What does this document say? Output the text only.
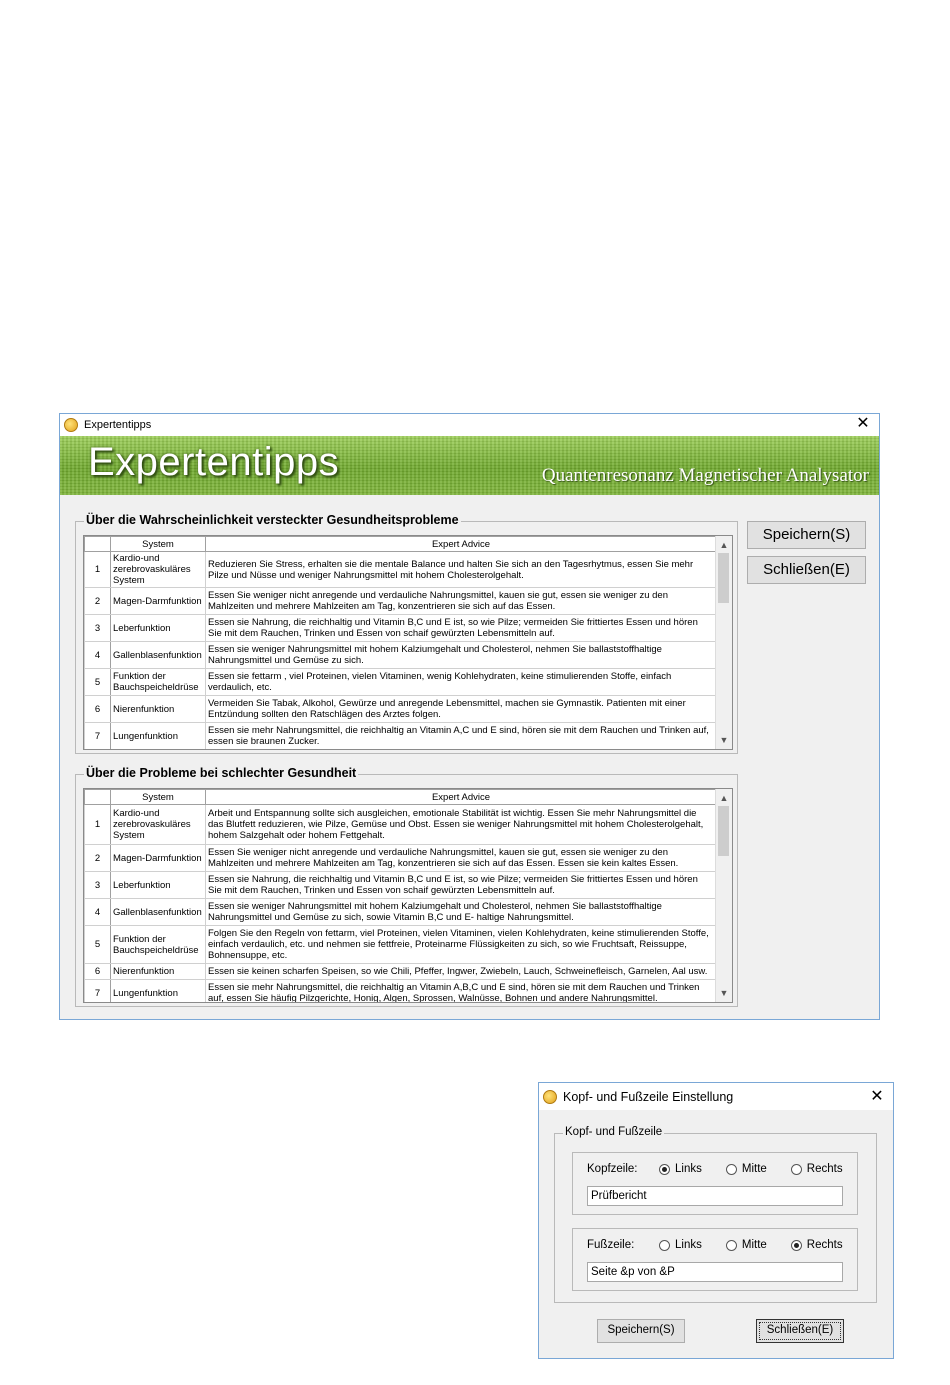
Expertentipps	✕
Expertentipps	Quantenresonanz Magnetischer Analysator
Über die Wahrscheinlichkeit versteckter Gesundheitsprobleme
	System	Expert Advice
1	Kardio-und zerebrovaskuläres System	Reduzieren Sie Stress, erhalten sie die mentale Balance und halten Sie sich an den Tagesrhytmus, essen Sie mehr Pilze und Nüsse und weniger Nahrungsmittel mit hohem Cholesterolgehalt.
2	Magen-Darmfunktion	Essen Sie weniger nicht anregende und verdauliche Nahrungsmittel, kauen sie gut, essen sie weniger zu den Mahlzeiten und mehrere Mahlzeiten am Tag, konzentrieren sie sich auf das Essen.
3	Leberfunktion	Essen sie Nahrung, die reichhaltig und Vitamin B,C und E ist, so wie Pilze; vermeiden Sie frittiertes Essen und hören Sie mit dem Rauchen, Trinken und Essen von schaif gewürzten Lebensmitteln auf.
4	Gallenblasenfunktion	Essen sie weniger Nahrungsmittel mit hohem Kalziumgehalt und Cholesterol, nehmen Sie ballaststoffhaltige Nahrungsmittel und Gemüse zu sich.
5	Funktion der Bauchspeicheldrüse	Essen sie fettarm , viel Proteinen, vielen Vitaminen, wenig Kohlehydraten, keine stimulierenden Stoffe, einfach verdaulich, etc.
6	Nierenfunktion	Vermeiden Sie Tabak, Alkohol, Gewürze und anregende Lebensmittel, machen sie Gymnastik. Patienten mit einer Entzündung sollten den Ratschlägen des Arztes folgen.
7	Lungenfunktion	Essen sie mehr Nahrungsmittel, die reichhaltig an Vitamin A,C und E sind, hören sie mit dem Rauchen und Trinken auf, essen sie braunen Zucker.
▲
▼
Über die Probleme bei schlechter Gesundheit
	System	Expert Advice
1	Kardio-und zerebrovaskuläres System	Arbeit und Entspannung sollte sich ausgleichen, emotionale Stabilität ist wichtig. Essen Sie mehr Nahrungsmittel die das Blutfett reduzieren, wie Pilze, Gemüse und Obst. Essen sie weniger Nahrungsmittel mit hohem Cholesterolgehalt, hohem Salzgehalt oder hohem Fettgehalt.
2	Magen-Darmfunktion	Essen Sie weniger nicht anregende und verdauliche Nahrungsmittel, kauen sie gut, essen sie weniger zu den Mahlzeiten und mehrere Mahlzeiten am Tag, konzentrieren sie sich auf das Essen. Essen sie kein kaltes Essen.
3	Leberfunktion	Essen sie Nahrung, die reichhaltig und Vitamin B,C und E ist, so wie Pilze; vermeiden Sie frittiertes Essen und hören Sie mit dem Rauchen, Trinken und Essen von schaif gewürzten Lebensmitteln auf.
4	Gallenblasenfunktion	Essen sie weniger Nahrungsmittel mit hohem Kalziumgehalt und Cholesterol, nehmen Sie ballaststoffhaltige Nahrungsmittel und Gemüse zu sich, sowie Vitamin B,C und E- haltige Nahrungsmittel.
5	Funktion der Bauchspeicheldrüse	Folgen Sie den Regeln von fettarm, viel Proteinen, vielen Vitaminen, vielen Kohlehydraten, keine stimulierenden Stoffe, einfach verdaulich, etc. und nehmen sie fettfreie, Proteinarme Flüssigkeiten zu sich, so wie Fruchtsaft, Reissuppe, Bohnensuppe, etc.
6	Nierenfunktion	Essen sie keinen scharfen Speisen, so wie Chili, Pfeffer, Ingwer, Zwiebeln, Lauch, Schweinefleisch, Garnelen, Aal usw.
7	Lungenfunktion	Essen sie mehr Nahrungsmittel, die reichhaltig an Vitamin A,B,C und E sind, hören sie mit dem Rauchen und Trinken auf, essen Sie häufig Pilzgerichte, Honig, Algen, Sprossen, Walnüsse, Bohnen und andere Nahrungsmittel.
▲
▼
Speichern(S)
Schließen(E)
Kopf- und Fußzeile Einstellung	✕
Kopf- und Fußzeile
Kopfzeile:	Links	Mitte	Rechts
Prüfbericht
Fußzeile:	Links	Mitte	Rechts
Seite &p von &P
Speichern(S)	Schließen(E)
